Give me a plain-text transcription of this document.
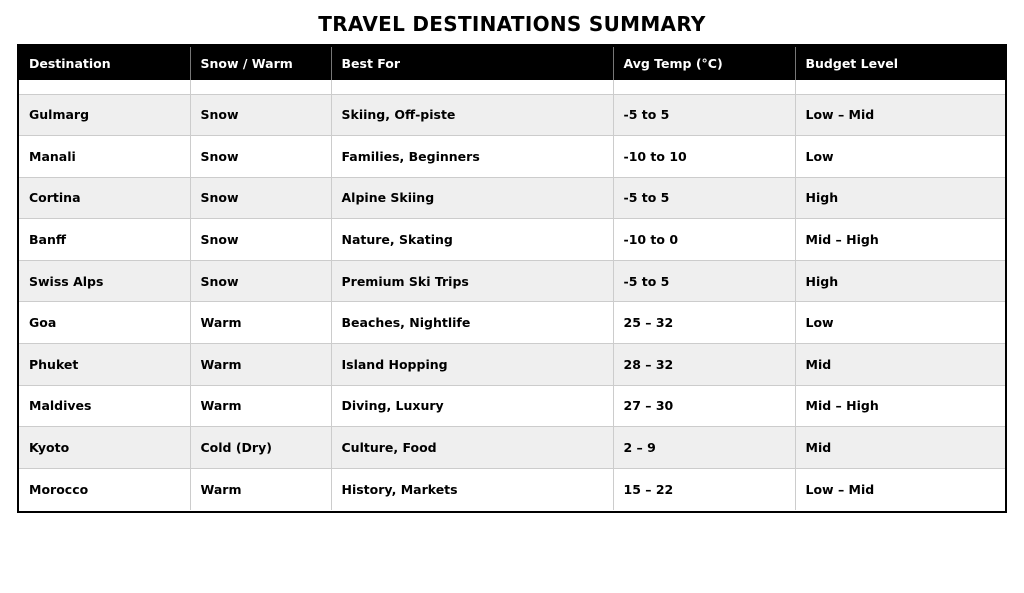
TRAVEL DESTINATIONS SUMMARY
Destination	Snow / Warm	Best For	Avg Temp (°C)	Budget Level

Gulmarg	Snow	Skiing, Off-piste	-5 to 5	Low – Mid
Manali	Snow	Families, Beginners	-10 to 10	Low
Cortina	Snow	Alpine Skiing	-5 to 5	High
Banff	Snow	Nature, Skating	-10 to 0	Mid – High
Swiss Alps	Snow	Premium Ski Trips	-5 to 5	High
Goa	Warm	Beaches, Nightlife	25 – 32	Low
Phuket	Warm	Island Hopping	28 – 32	Mid
Maldives	Warm	Diving, Luxury	27 – 30	Mid – High
Kyoto	Cold (Dry)	Culture, Food	2 – 9	Mid
Morocco	Warm	History, Markets	15 – 22	Low – Mid
